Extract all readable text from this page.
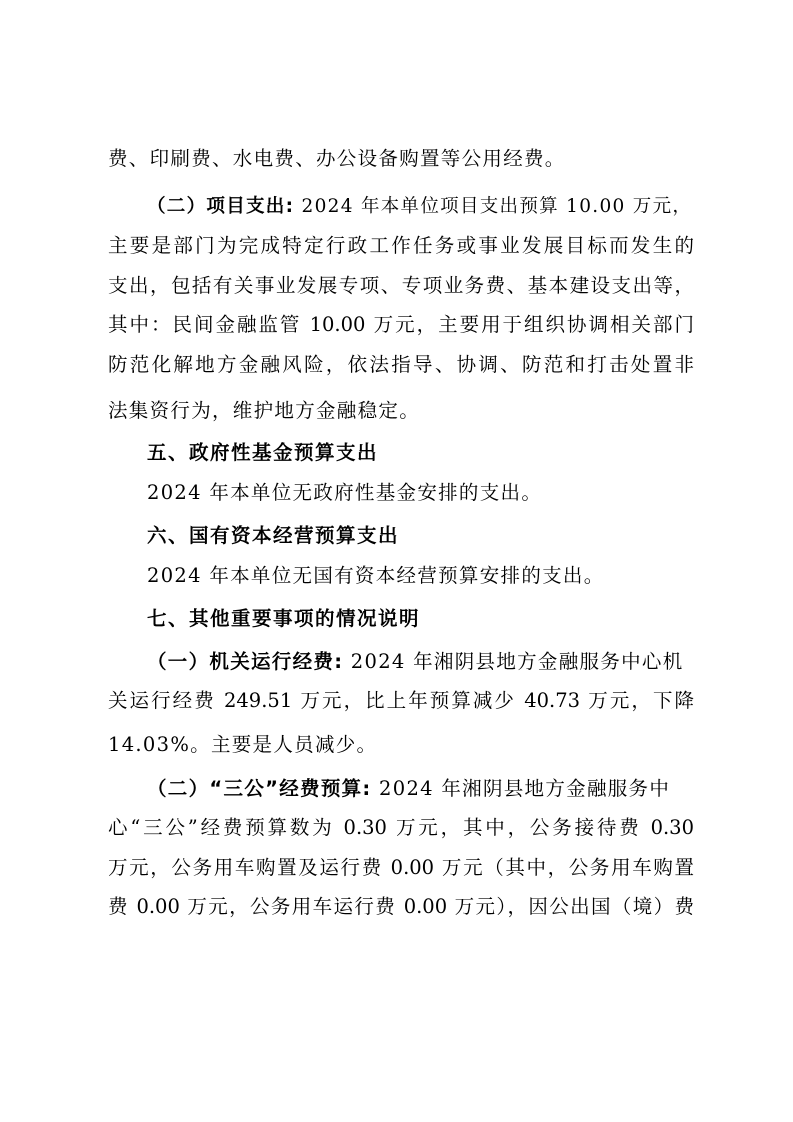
费、印刷费、水电费、办公设备购置等公用经费。
（二）项目支出: 2024 年本单位项目支出预算 10.00 万元，
主要是部门为完成特定行政工作任务或事业发展目标而发生的
支出，包括有关事业发展专项、专项业务费、基本建设支出等，
其中：民间金融监管 10.00 万元，主要用于组织协调相关部门
防范化解地方金融风险，依法指导、协调、防范和打击处置非
法集资行为，维护地方金融稳定。
五、政府性基金预算支出
2024 年本单位无政府性基金安排的支出。
六、国有资本经营预算支出
2024 年本单位无国有资本经营预算安排的支出。
七、其他重要事项的情况说明
（一）机关运行经费: 2024 年湘阴县地方金融服务中心机
关运行经费 249.51 万元，比上年预算减少 40.73 万元，下降
14.03%。主要是人员减少。
（二）“三公”经费预算: 2024 年湘阴县地方金融服务中
心“三公”经费预算数为 0.30 万元，其中，公务接待费 0.30
万元，公务用车购置及运行费 0.00 万元（其中，公务用车购置
费 0.00 万元，公务用车运行费 0.00 万元），因公出国（境）费
